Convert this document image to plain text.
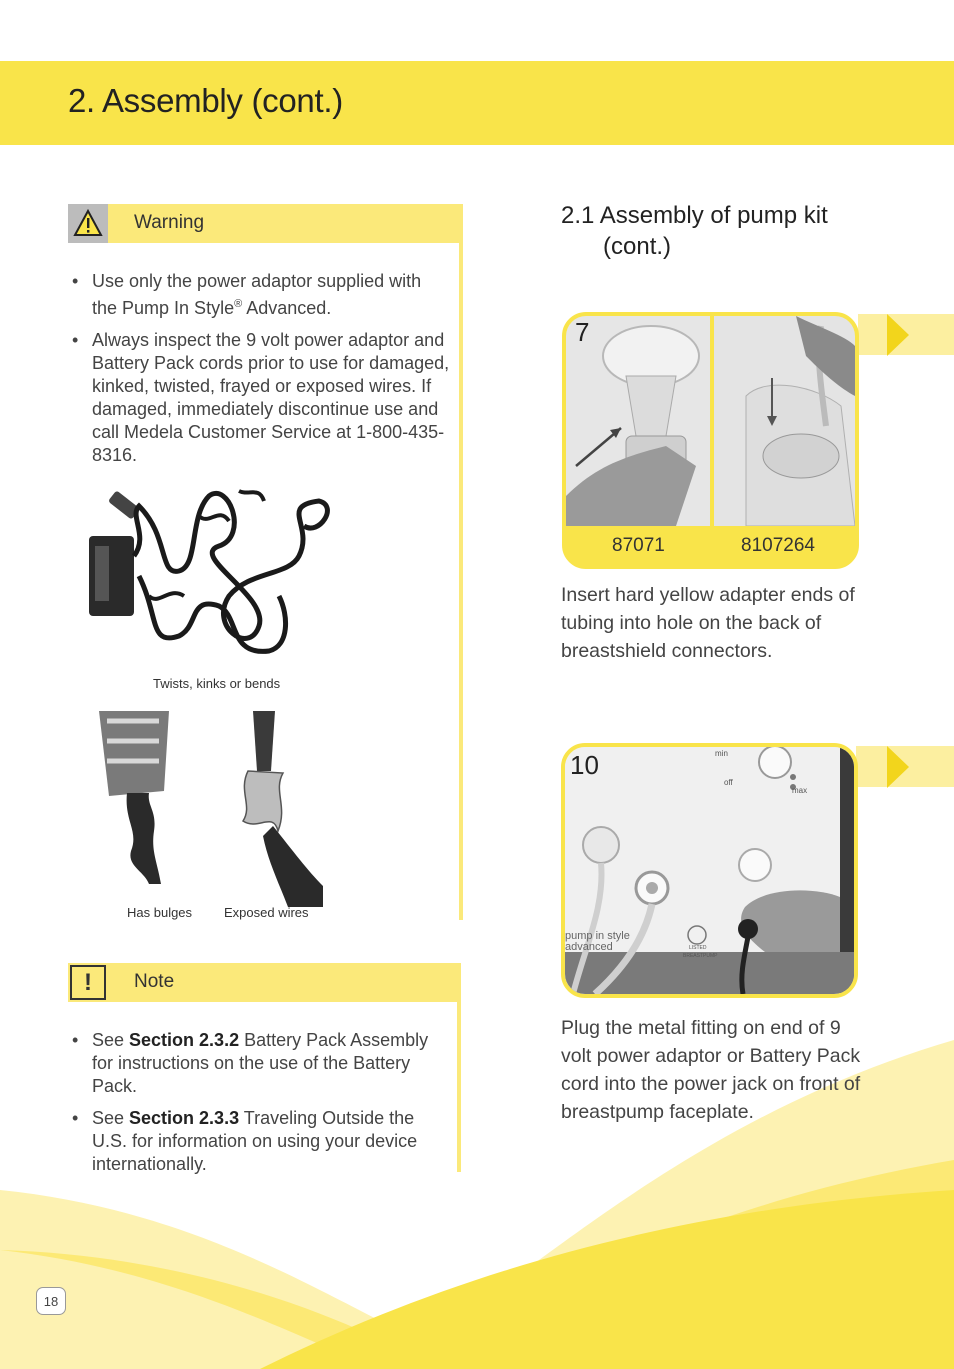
2. Assembly (cont.)
Warning
• Use only the power adaptor supplied with the Pump In Style® Advanced.
• Always inspect the 9 volt power adaptor and Battery Pack cords prior to use for damaged, kinked, twisted, frayed or exposed wires. If damaged, immediately discontinue use and call Medela Customer Service at 1-800-435-8316.
Twists, kinks or bends
Has bulges Exposed wires
!	Note
• See Section 2.3.2 Battery Pack Assembly for instructions on the use of the Battery Pack.
• See Section 2.3.3 Traveling Outside the U.S. for information on using your device internationally.
2.1 Assembly of pump kit
(cont.)
7
87071	8107264
Insert hard yellow adapter ends of tubing into hole on the back of breastshield connectors.
min
off
max
pump in style advanced	LISTED
BREASTPUMP
10
Plug the metal fitting on end of 9 volt power adaptor or Battery Pack cord into the power jack on front of breastpump faceplate.
18
